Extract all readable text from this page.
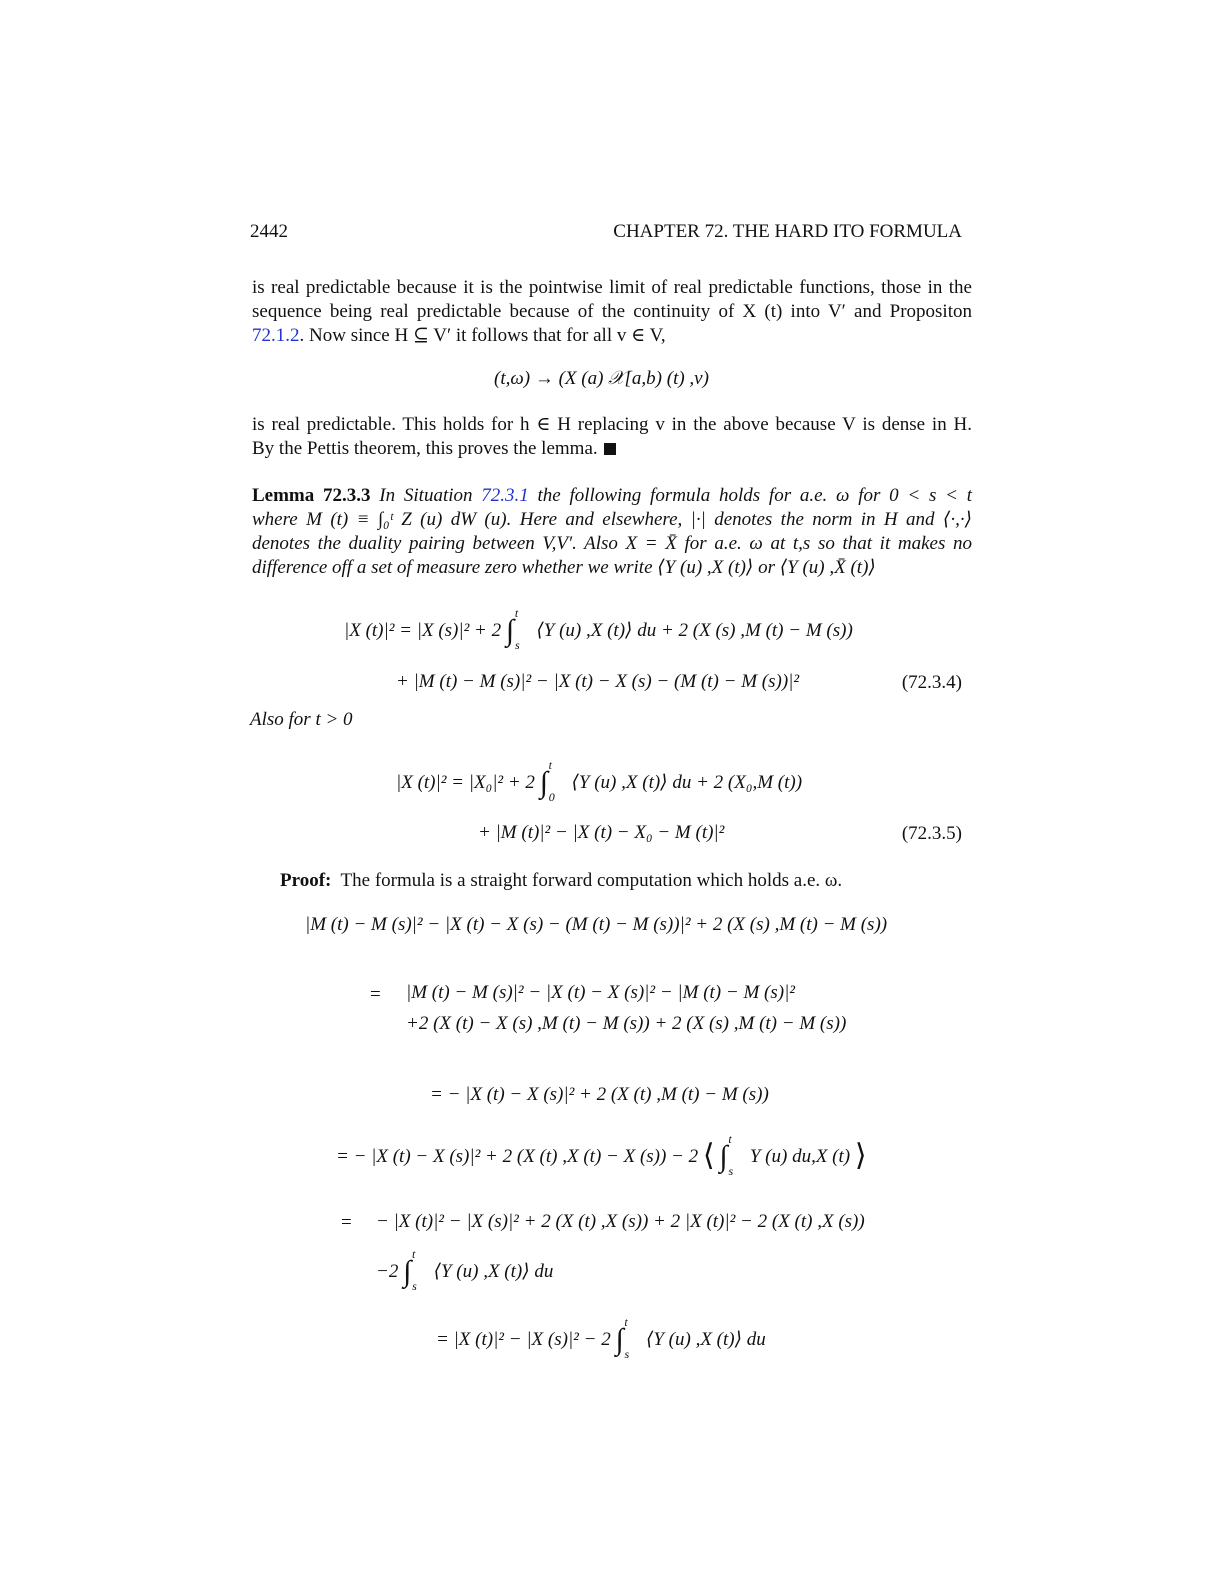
2442	CHAPTER 72. THE HARD ITO FORMULA
is real predictable because it is the pointwise limit of real predictable functions, those in the
sequence being real predictable because of the continuity of X (t) into V′ and Propositon
72.1.2. Now since H ⊆ V′ it follows that for all v ∈ V,
(t,ω) → (X (a) 𝒳[a,b) (t) ,v)
is real predictable. This holds for h ∈ H replacing v in the above because V is dense in H.
By the Pettis theorem, this proves the lemma.
Lemma 72.3.3 In Situation 72.3.1 the following formula holds for a.e. ω for 0 < s < t
where M (t) ≡ ∫₀ᵗ Z (u) dW (u). Here and elsewhere, |·| denotes the norm in H and ⟨·,·⟩
denotes the duality pairing between V,V′. Also X = X̄ for a.e. ω at t,s so that it makes no
difference off a set of measure zero whether we write ⟨Y (u) ,X (t)⟩ or ⟨Y (u) ,X̄ (t)⟩
|X (t)|² = |X (s)|² + 2 ∫ $^t$ $_s$ ⟨Y (u) ,X (t)⟩ du + 2 (X (s) ,M (t) − M (s))
+ |M (t) − M (s)|² − |X (t) − X (s) − (M (t) − M (s))|²	(72.3.4)
Also for t > 0
|X (t)|² = |X₀|² + 2 ∫ $^t$ $_0$ ⟨Y (u) ,X (t)⟩ du + 2 (X₀,M (t))
+ |M (t)|² − |X (t) − X₀ − M (t)|²	(72.3.5)
Proof: The formula is a straight forward computation which holds a.e. ω.
|M (t) − M (s)|² − |X (t) − X (s) − (M (t) − M (s))|² + 2 (X (s) ,M (t) − M (s))
= |M (t) − M (s)|² − |X (t) − X (s)|² − |M (t) − M (s)|²
+2 (X (t) − X (s) ,M (t) − M (s)) + 2 (X (s) ,M (t) − M (s))
= − |X (t) − X (s)|² + 2 (X (t) ,M (t) − M (s))
= − |X (t) − X (s)|² + 2 (X (t) ,X (t) − X (s)) − 2 ⟨ ∫ $^t$ $_s$ Y (u) du,X (t) ⟩
= − |X (t)|² − |X (s)|² + 2 (X (t) ,X (s)) + 2 |X (t)|² − 2 (X (t) ,X (s))
−2 ∫ $^t$ $_s$ ⟨Y (u) ,X (t)⟩ du
= |X (t)|² − |X (s)|² − 2 ∫ $^t$ $_s$ ⟨Y (u) ,X (t)⟩ du
